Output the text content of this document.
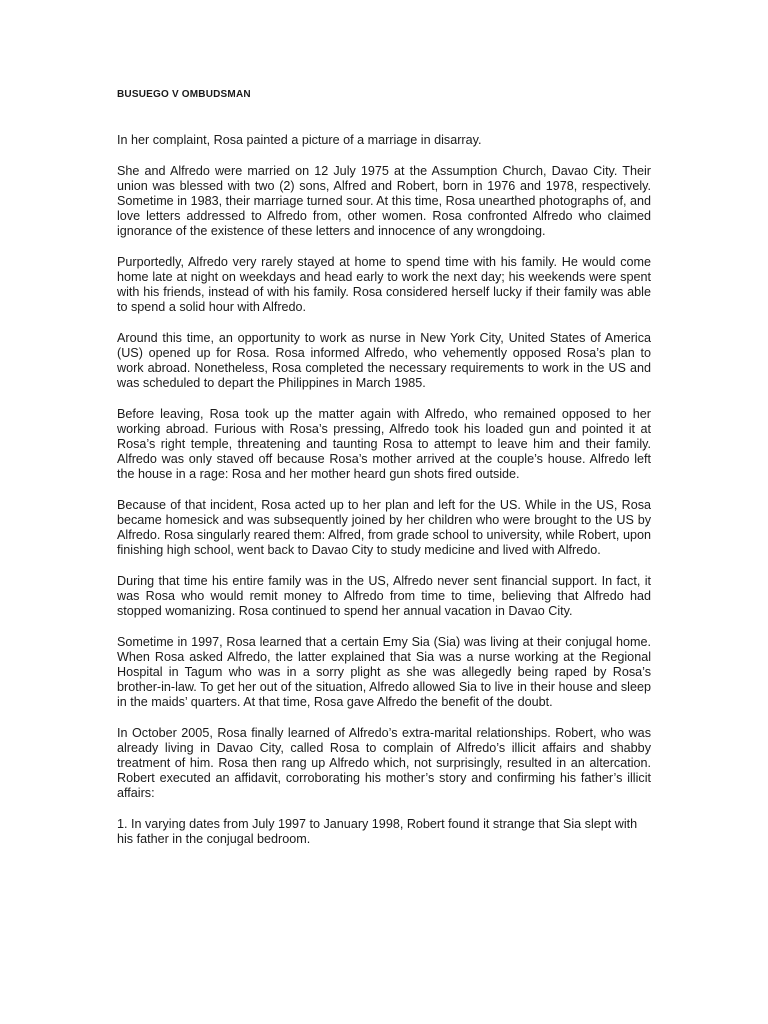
BUSUEGO V OMBUDSMAN

In her complaint, Rosa painted a picture of a marriage in disarray.

She and Alfredo were married on 12 July 1975 at the Assumption Church, Davao City. Their union was blessed with two (2) sons, Alfred and Robert, born in 1976 and 1978, respectively. Sometime in 1983, their marriage turned sour. At this time, Rosa unearthed photographs of, and love letters addressed to Alfredo from, other women. Rosa confronted Alfredo who claimed ignorance of the existence of these letters and innocence of any wrongdoing.

Purportedly, Alfredo very rarely stayed at home to spend time with his family. He would come home late at night on weekdays and head early to work the next day; his weekends were spent with his friends, instead of with his family. Rosa considered herself lucky if their family was able to spend a solid hour with Alfredo.

Around this time, an opportunity to work as nurse in New York City, United States of America (US) opened up for Rosa. Rosa informed Alfredo, who vehemently opposed Rosa’s plan to work abroad. Nonetheless, Rosa completed the necessary requirements to work in the US and was scheduled to depart the Philippines in March 1985.

Before leaving, Rosa took up the matter again with Alfredo, who remained opposed to her working abroad. Furious with Rosa’s pressing, Alfredo took his loaded gun and pointed it at Rosa’s right temple, threatening and taunting Rosa to attempt to leave him and their family. Alfredo was only staved off because Rosa’s mother arrived at the couple’s house. Alfredo left the house in a rage: Rosa and her mother heard gun shots fired outside.

Because of that incident, Rosa acted up to her plan and left for the US. While in the US, Rosa became homesick and was subsequently joined by her children who were brought to the US by Alfredo. Rosa singularly reared them: Alfred, from grade school to university, while Robert, upon finishing high school, went back to Davao City to study medicine and lived with Alfredo.

During that time his entire family was in the US, Alfredo never sent financial support. In fact, it was Rosa who would remit money to Alfredo from time to time, believing that Alfredo had stopped womanizing. Rosa continued to spend her annual vacation in Davao City.

Sometime in 1997, Rosa learned that a certain Emy Sia (Sia) was living at their conjugal home. When Rosa asked Alfredo, the latter explained that Sia was a nurse working at the Regional Hospital in Tagum who was in a sorry plight as she was allegedly being raped by Rosa’s brother-in-law. To get her out of the situation, Alfredo allowed Sia to live in their house and sleep in the maids’ quarters. At that time, Rosa gave Alfredo the benefit of the doubt.

In October 2005, Rosa finally learned of Alfredo’s extra-marital relationships. Robert, who was already living in Davao City, called Rosa to complain of Alfredo’s illicit affairs and shabby treatment of him. Rosa then rang up Alfredo which, not surprisingly, resulted in an altercation. Robert executed an affidavit, corroborating his mother’s story and confirming his father’s illicit affairs:

1. In varying dates from July 1997 to January 1998, Robert found it strange that Sia slept with his father in the conjugal bedroom.
